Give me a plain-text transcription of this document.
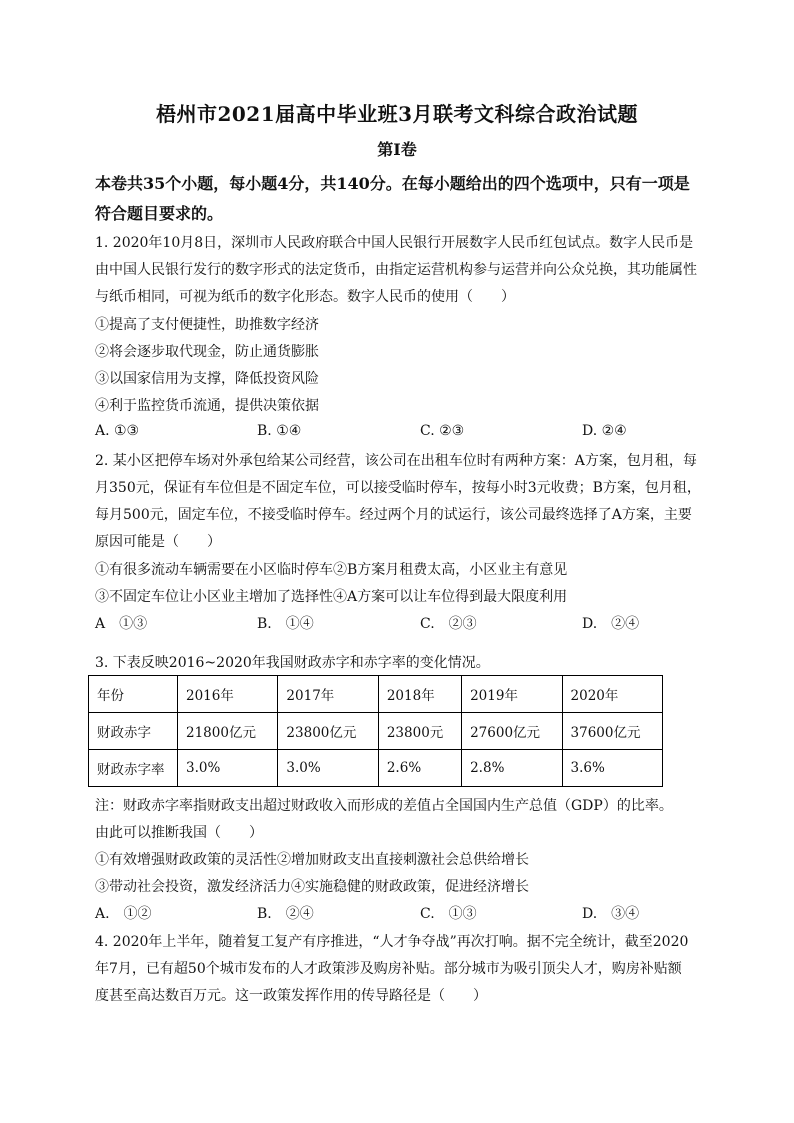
梧州市2021届高中毕业班3月联考文科综合政治试题
第I卷
本卷共35个小题，每小题4分，共140分。在每小题给出的四个选项中，只有一项是
符合题目要求的。
1. 2020年10月8日，深圳市人民政府联合中国人民银行开展数字人民币红包试点。数字人民币是
由中国人民银行发行的数字形式的法定货币，由指定运营机构参与运营并向公众兑换，其功能属性
与纸币相同，可视为纸币的数字化形态。数字人民币的使用（　　）
①提高了支付便捷性，助推数字经济
②将会逐步取代现金，防止通货膨胀
③以国家信用为支撑，降低投资风险
④利于监控货币流通，提供决策依据
A. ①③	B. ①④	C. ②③	D. ②④
2. 某小区把停车场对外承包给某公司经营，该公司在出租车位时有两种方案：A方案，包月租，每
月350元，保证有车位但是不固定车位，可以接受临时停车，按每小时3元收费；B方案，包月租，
每月500元，固定车位，不接受临时停车。经过两个月的试运行，该公司最终选择了A方案，主要
原因可能是（　　）
①有很多流动车辆需要在小区临时停车②B方案月租费太高，小区业主有意见
③不固定车位让小区业主增加了选择性④A方案可以让车位得到最大限度利用
A　①③	B.　①④	C.　②③	D.　②④
3. 下表反映2016~2020年我国财政赤字和赤字率的变化情况。
年份	2016年	2017年	2018年	2019年	2020年
财政赤字	21800亿元	23800亿元	23800元	27600亿元	37600亿元
财政赤字率	3.0%	3.0%	2.6%	2.8%	3.6%
注：财政赤字率指财政支出超过财政收入而形成的差值占全国国内生产总值（GDP）的比率。
由此可以推断我国（　　）
①有效增强财政政策的灵活性②增加财政支出直接刺激社会总供给增长
③带动社会投资，激发经济活力④实施稳健的财政政策，促进经济增长
A.　①②	B.　②④	C.　①③	D.　③④
4. 2020年上半年，随着复工复产有序推进，“人才争夺战”再次打响。据不完全统计，截至2020
年7月，已有超50个城市发布的人才政策涉及购房补贴。部分城市为吸引顶尖人才，购房补贴额
度甚至高达数百万元。这一政策发挥作用的传导路径是（　　）
